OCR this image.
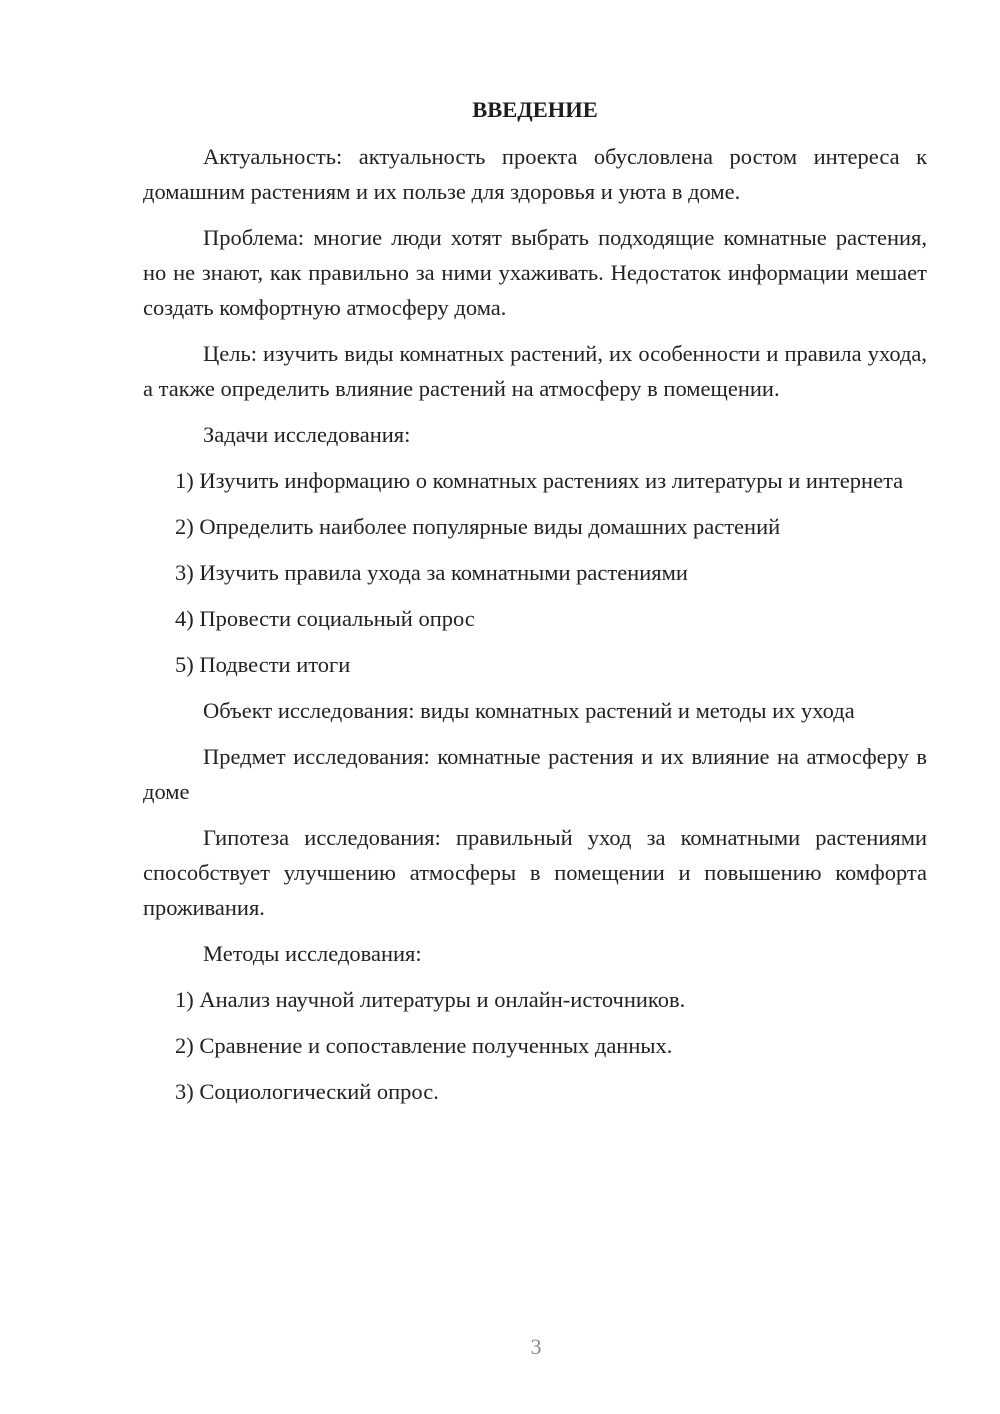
ВВЕДЕНИЕ

Актуальность: актуальность проекта обусловлена ростом интереса к домашним растениям и их пользе для здоровья и уюта в доме.

Проблема: многие люди хотят выбрать подходящие комнатные растения, но не знают, как правильно за ними ухаживать. Недостаток информации мешает создать комфортную атмосферу дома.

Цель: изучить виды комнатных растений, их особенности и правила ухода, а также определить влияние растений на атмосферу в помещении.

Задачи исследования:

1) Изучить информацию о комнатных растениях из литературы и интернета

2) Определить наиболее популярные виды домашних растений

3) Изучить правила ухода за комнатными растениями

4) Провести социальный опрос

5) Подвести итоги

Объект исследования: виды комнатных растений и методы их ухода

Предмет исследования: комнатные растения и их влияние на атмосферу в доме

Гипотеза исследования: правильный уход за комнатными растениями способствует улучшению атмосферы в помещении и повышению комфорта проживания.

Методы исследования:

1) Анализ научной литературы и онлайн-источников.

2) Сравнение и сопоставление полученных данных.

3) Социологический опрос.

3
